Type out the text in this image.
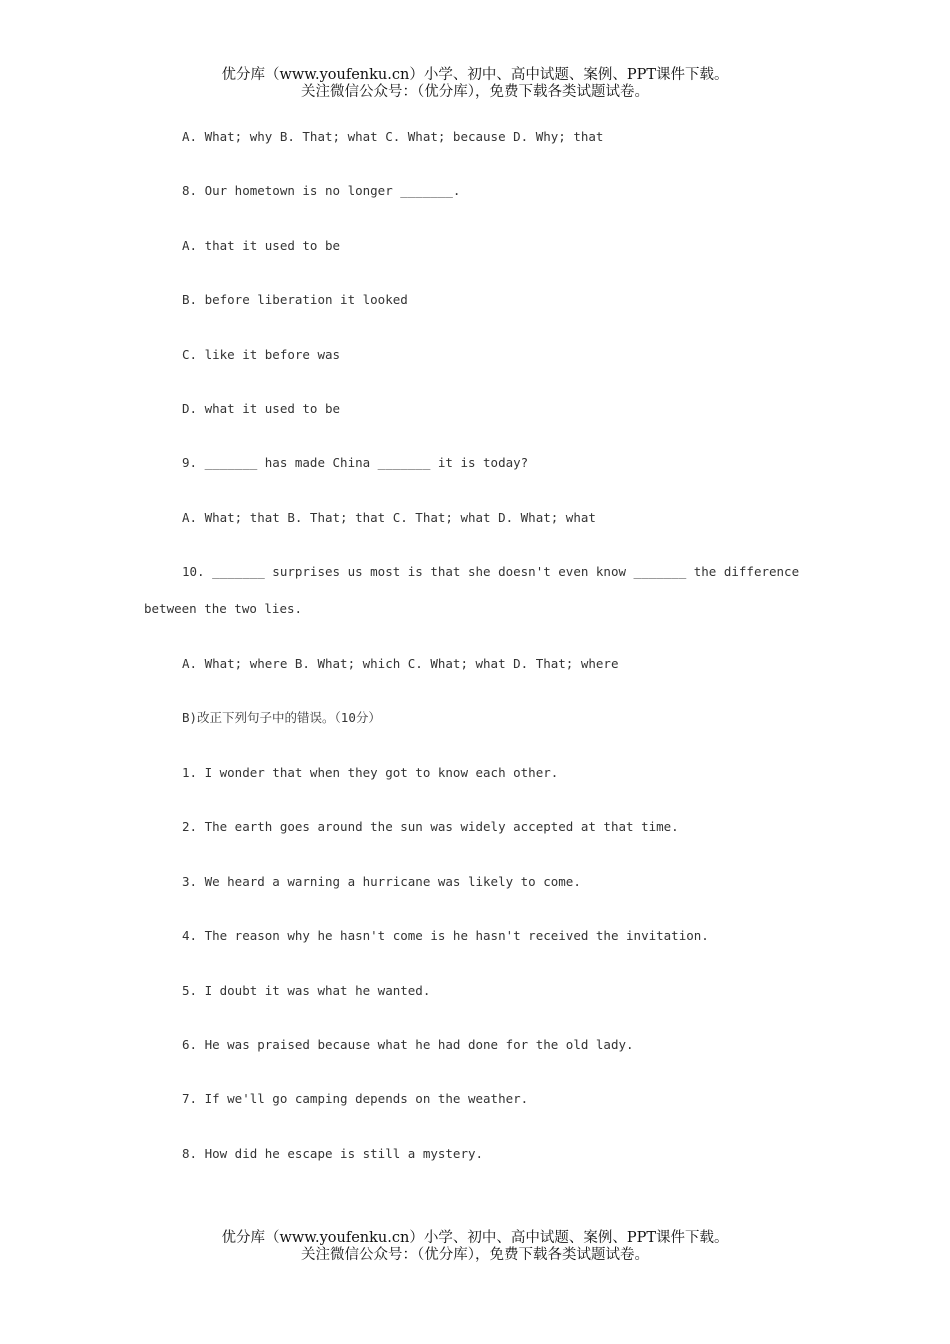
优分库（www.youfenku.cn）小学、初中、高中试题、案例、PPT课件下载。
关注微信公众号：（优分库），免费下载各类试题试卷。
A. What; why B. That; what C. What; because D. Why; that
8. Our hometown is no longer _______.
A. that it used to be
B. before liberation it looked
C. like it before was
D. what it used to be
9. _______ has made China _______ it is today?
A. What; that B. That; that C. That; what D. What; what
10. _______ surprises us most is that she doesn't even know _______ the difference
between the two lies.
A. What; where B. What; which C. What; what D. That; where
B)改正下列句子中的错误。（10分）
1. I wonder that when they got to know each other.
2. The earth goes around the sun was widely accepted at that time.
3. We heard a warning a hurricane was likely to come.
4. The reason why he hasn't come is he hasn't received the invitation.
5. I doubt it was what he wanted.
6. He was praised because what he had done for the old lady.
7. If we'll go camping depends on the weather.
8. How did he escape is still a mystery.
优分库（www.youfenku.cn）小学、初中、高中试题、案例、PPT课件下载。
关注微信公众号：（优分库），免费下载各类试题试卷。
